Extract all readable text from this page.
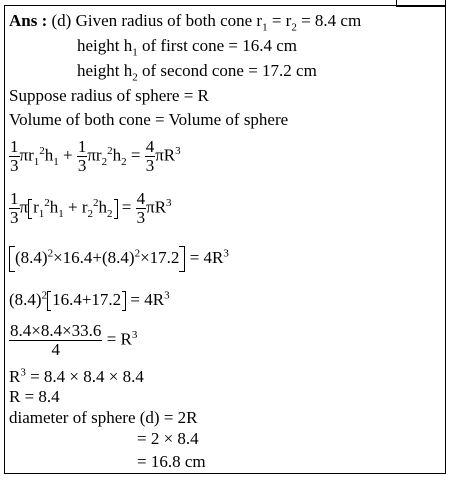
Ans : (d) Given radius of both cone $r_1 = r_2 = 8.4$ cm
height $h_1$ of first cone = 16.4 cm
height $h_2$ of second cone = 17.2 cm
Suppose radius of sphere = R
Volume of both cone = Volume of sphere
$\frac{1}{3} \pi r_1^2h_1 + \frac{1}{3} \pi r_2^2h_2 = \frac{4}{3} \pi R^3$
$\frac{1}{3}$ π $r_1^2h_1 + r_2^2h_2 = \frac{4}{3} \pi R^3$
$(8.4)^2\times 16.4+(8.4)^2\times 17.2 = 4R^3$
$(8.4)^2$ $16.4+17.2 = 4R^3$
$\frac{8.4\times 8.4\times 33.6}{4} = R^3$
$R^3 = 8.4 \times 8.4 \times 8.4$
R = 8.4
diameter of sphere (d) = 2R
= 2 × 8.4
= 16.8 cm
